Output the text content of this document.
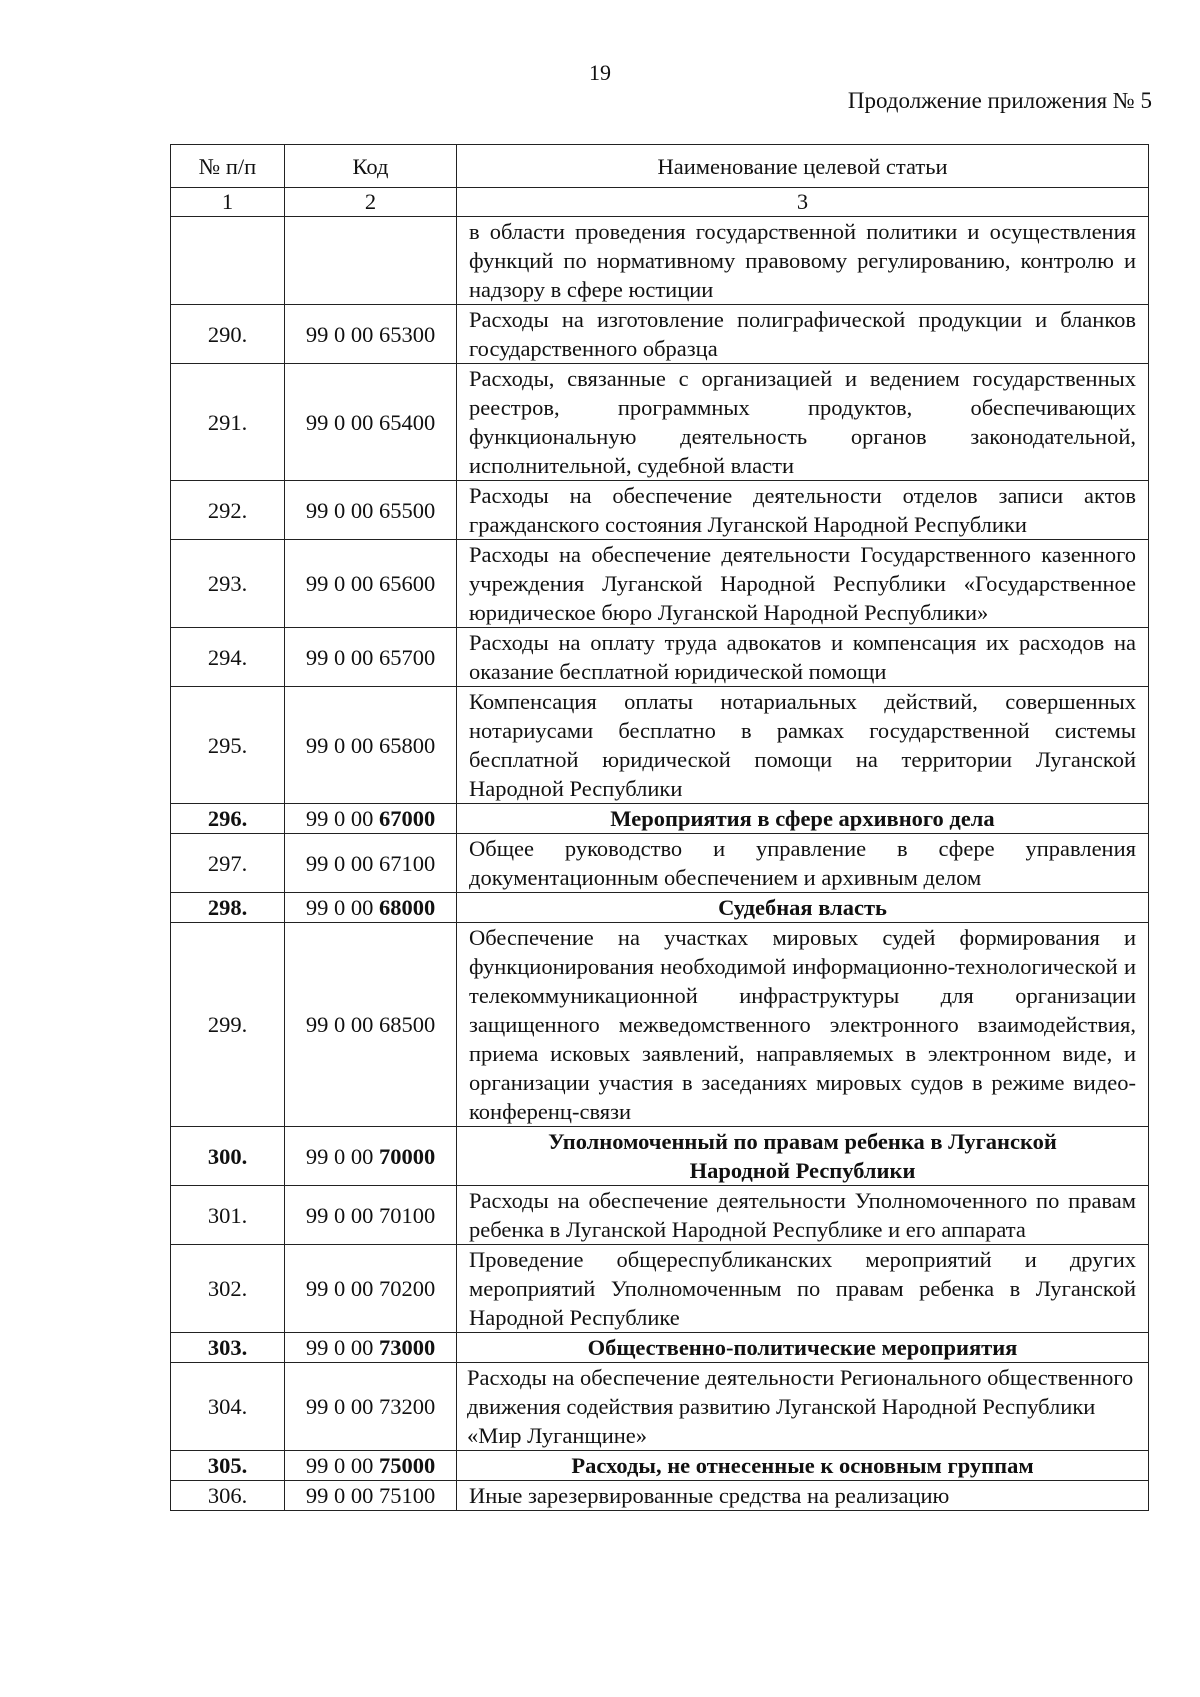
19
Продолжение приложения № 5
№ п/п	Код	Наименование целевой статьи
1	2	3
		в области проведения государственной политики и осуществления функций по нормативному правовому регулированию, контролю и надзору в сфере юстиции
290.	99 0 00 65300	Расходы на изготовление полиграфической продукции и бланков государственного образца
291.	99 0 00 65400	Расходы, связанные с организацией и ведением государственных реестров, программных продуктов, обеспечивающих функциональную деятельность органов законодательной, исполнительной, судебной власти
292.	99 0 00 65500	Расходы на обеспечение деятельности отделов записи актов гражданского состояния Луганской Народной Республики
293.	99 0 00 65600	Расходы на обеспечение деятельности Государственного казенного учреждения Луганской Народной Республики «Государственное юридическое бюро Луганской Народной Республики»
294.	99 0 00 65700	Расходы на оплату труда адвокатов и компенсация их расходов на оказание бесплатной юридической помощи
295.	99 0 00 65800	Компенсация оплаты нотариальных действий, совершенных нотариусами бесплатно в рамках государственной системы бесплатной юридической помощи на территории Луганской Народной Республики
296.	99 0 00 67000	Мероприятия в сфере архивного дела
297.	99 0 00 67100	Общее руководство и управление в сфере управления документационным обеспечением и архивным делом
298.	99 0 00 68000	Судебная власть
299.	99 0 00 68500	Обеспечение на участках мировых судей формирования и функционирования необходимой информационно-технологической и телекоммуникационной инфраструктуры для организации защищенного межведомственного электронного взаимодействия, приема исковых заявлений, направляемых в электронном виде, и организации участия в заседаниях мировых судов в режиме видео-конференц-связи
300.	99 0 00 70000	Уполномоченный по правам ребенка в Луганской Народной Республики
301.	99 0 00 70100	Расходы на обеспечение деятельности Уполномоченного по правам ребенка в Луганской Народной Республике и его аппарата
302.	99 0 00 70200	Проведение общереспубликанских мероприятий и других мероприятий Уполномоченным по правам ребенка в Луганской Народной Республике
303.	99 0 00 73000	Общественно-политические мероприятия
304.	99 0 00 73200	Расходы на обеспечение деятельности Регионального общественного движения содействия развитию Луганской Народной Республики «Мир Луганщине»
305.	99 0 00 75000	Расходы, не отнесенные к основным группам
306.	99 0 00 75100	Иные зарезервированные средства на реализацию
